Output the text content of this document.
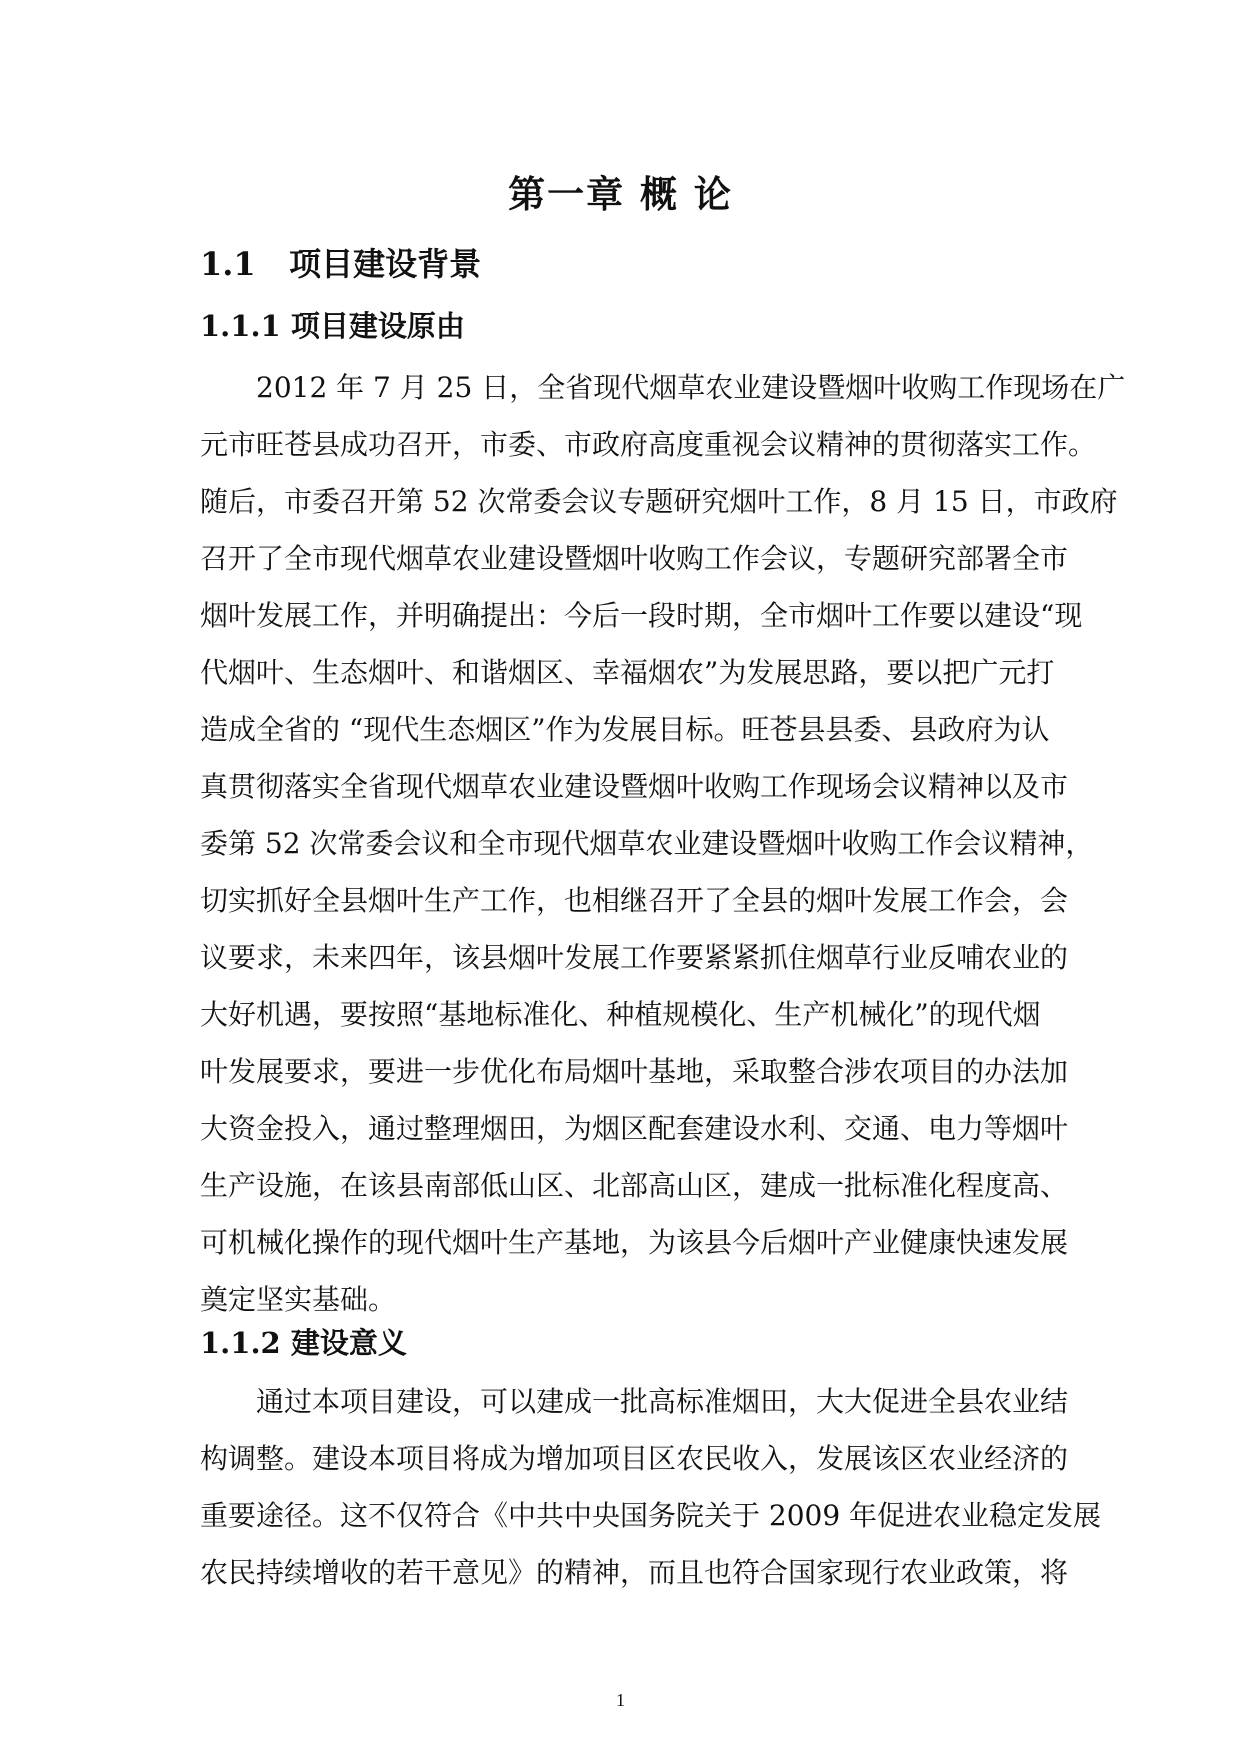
第一章 概 论
1.1   项目建设背景
1.1.1 项目建设原由
2012 年 7 月 25 日，全省现代烟草农业建设暨烟叶收购工作现场在广
元市旺苍县成功召开，市委、市政府高度重视会议精神的贯彻落实工作。
随后，市委召开第 52 次常委会议专题研究烟叶工作，8 月 15 日，市政府
召开了全市现代烟草农业建设暨烟叶收购工作会议，专题研究部署全市
烟叶发展工作，并明确提出：今后一段时期，全市烟叶工作要以建设“现
代烟叶、生态烟叶、和谐烟区、幸福烟农”为发展思路，要以把广元打
造成全省的 “现代生态烟区”作为发展目标。旺苍县县委、县政府为认
真贯彻落实全省现代烟草农业建设暨烟叶收购工作现场会议精神以及市
委第 52 次常委会议和全市现代烟草农业建设暨烟叶收购工作会议精神，
切实抓好全县烟叶生产工作，也相继召开了全县的烟叶发展工作会，会
议要求，未来四年，该县烟叶发展工作要紧紧抓住烟草行业反哺农业的
大好机遇，要按照“基地标准化、种植规模化、生产机械化”的现代烟
叶发展要求，要进一步优化布局烟叶基地，采取整合涉农项目的办法加
大资金投入，通过整理烟田，为烟区配套建设水利、交通、电力等烟叶
生产设施，在该县南部低山区、北部高山区，建成一批标准化程度高、
可机械化操作的现代烟叶生产基地，为该县今后烟叶产业健康快速发展
奠定坚实基础。
1.1.2 建设意义
通过本项目建设，可以建成一批高标准烟田，大大促进全县农业结
构调整。建设本项目将成为增加项目区农民收入，发展该区农业经济的
重要途径。这不仅符合《中共中央国务院关于 2009 年促进农业稳定发展
农民持续增收的若干意见》的精神，而且也符合国家现行农业政策，将
1
